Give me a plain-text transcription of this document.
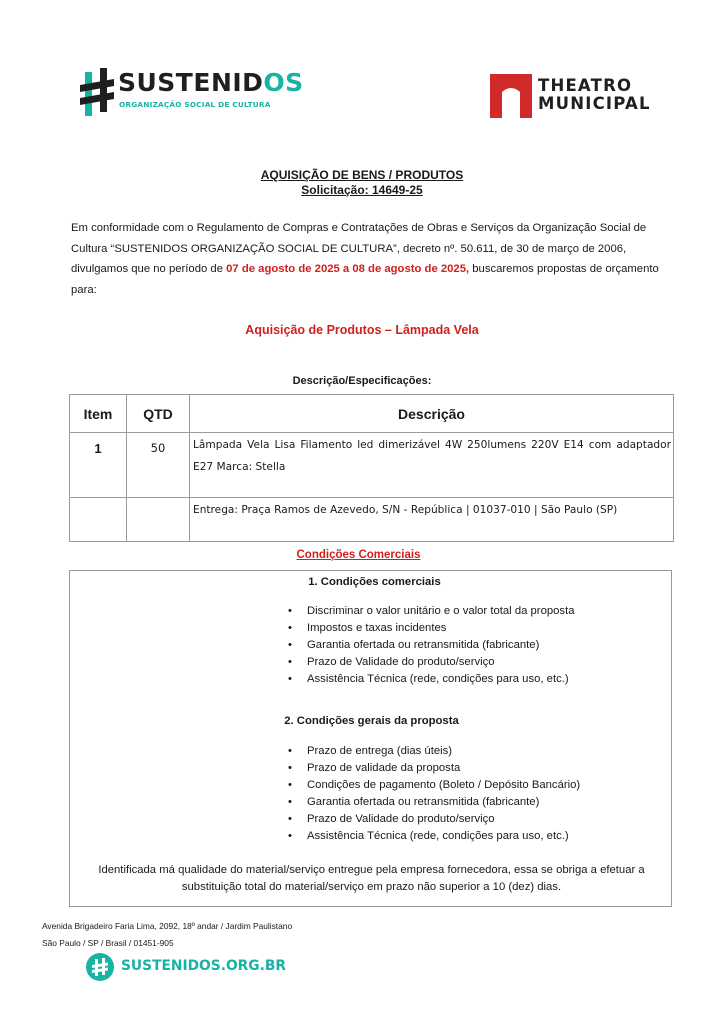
SUSTENIDOS
ORGANIZAÇÃO SOCIAL DE CULTURA
THEATRO
MUNICIPAL
AQUISIÇÃO DE BENS / PRODUTOS
Solicitação: 14649-25
Em conformidade com o Regulamento de Compras e Contratações de Obras e Serviços da Organização Social de Cultura “SUSTENIDOS ORGANIZAÇÃO SOCIAL DE CULTURA”, decreto nº. 50.611, de 30 de março de 2006, divulgamos que no período de 07 de agosto de 2025 a 08 de agosto de 2025, buscaremos propostas de orçamento para:
Aquisição de Produtos – Lâmpada Vela
Descrição/Especificações:
Item	QTD	Descrição
1	50	Lâmpada Vela Lisa Filamento led dimerizável 4W 250lumens 220V E14 com adaptador E27 Marca: Stella
		Entrega: Praça Ramos de Azevedo, S/N - República | 01037-010 | São Paulo (SP)
Condições Comerciais
1. Condições comerciais
• Discriminar o valor unitário e o valor total da proposta
• Impostos e taxas incidentes
• Garantia ofertada ou retransmitida (fabricante)
• Prazo de Validade do produto/serviço
• Assistência Técnica (rede, condições para uso, etc.)
2. Condições gerais da proposta
• Prazo de entrega (dias úteis)
• Prazo de validade da proposta
• Condições de pagamento (Boleto / Depósito Bancário)
• Garantia ofertada ou retransmitida (fabricante)
• Prazo de Validade do produto/serviço
• Assistência Técnica (rede, condições para uso, etc.)
Identificada má qualidade do material/serviço entregue pela empresa fornecedora, essa se obriga a efetuar a substituição total do material/serviço em prazo não superior a 10 (dez) dias.
Avenida Brigadeiro Faria Lima, 2092, 18º andar / Jardim Paulistano
São Paulo / SP / Brasil / 01451-905
SUSTENIDOS.ORG.BR
